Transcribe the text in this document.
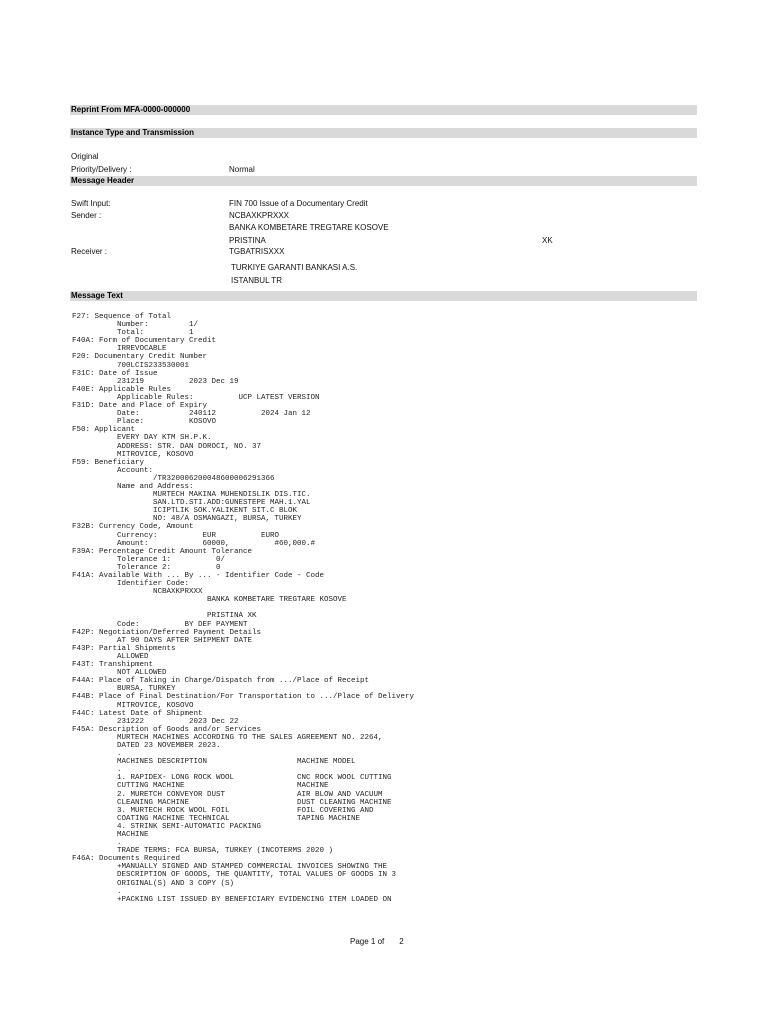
Reprint From MFA-0000-000000
Instance Type and Transmission
Message Header
Message Text
Original
Priority/Delivery :	Normal
Swift Input:	FIN 700 Issue of a Documentary Credit
Sender :	NCBAXKPRXXX
BANKA KOMBETARE TREGTARE KOSOVE
PRISTINA	XK
Receiver :	TGBATRISXXX
TURKIYE GARANTI BANKASI A.S.
ISTANBUL TR
F27: Sequence of Total
Number:         1/
Total:          1
F40A: Form of Documentary Credit
IRREVOCABLE
F20: Documentary Credit Number
700LCIS233530001
F31C: Date of Issue
231219          2023 Dec 19
F40E: Applicable Rules
Applicable Rules:          UCP LATEST VERSION
F31D: Date and Place of Expiry
Date:           240112          2024 Jan 12
Place:          KOSOVO
F50: Applicant
EVERY DAY KTM SH.P.K.
ADDRESS: STR. DAN DOROCI, NO. 37
MITROVICE, KOSOVO
F59: Beneficiary
Account:
/TR320006200048600006291366
Name and Address:
MURTECH MAKINA MUHENDISLIK DIS.TIC.
SAN.LTD.STI.ADD:GUNESTEPE MAH.1.YAL
ICIPTLIK SOK.YALIKENT SIT.C BLOK
NO: 48/A OSMANGAZI, BURSA, TURKEY
F32B: Currency Code, Amount
Currency:          EUR          EURO
Amount:            60000,          #60,000.#
F39A: Percentage Credit Amount Tolerance
Tolerance 1:          0/
Tolerance 2:          0
F41A: Available With ... By ... - Identifier Code - Code
Identifier Code:
NCBAXKPRXXX
BANKA KOMBETARE TREGTARE KOSOVE

PRISTINA XK
Code:          BY DEF PAYMENT
F42P: Negotiation/Deferred Payment Details
AT 90 DAYS AFTER SHIPMENT DATE
F43P: Partial Shipments
ALLOWED
F43T: Transhipment
NOT ALLOWED
F44A: Place of Taking in Charge/Dispatch from .../Place of Receipt
BURSA, TURKEY
F44B: Place of Final Destination/For Transportation to .../Place of Delivery
MITROVICE, KOSOVO
F44C: Latest Date of Shipment
231222          2023 Dec 22
F45A: Description of Goods and/or Services
MURTECH MACHINES ACCORDING TO THE SALES AGREEMENT NO. 2264,
DATED 23 NOVEMBER 2023.
.
MACHINES DESCRIPTION                    MACHINE MODEL
.
1. RAPIDEX- LONG ROCK WOOL              CNC ROCK WOOL CUTTING
CUTTING MACHINE                         MACHINE
2. MURETCH CONVEYOR DUST                AIR BLOW AND VACUUM
CLEANING MACHINE                        DUST CLEANING MACHINE
3. MURTECH ROCK WOOL FOIL               FOIL COVERING AND
COATING MACHINE TECHNICAL               TAPING MACHINE
4. STRINK SEMI-AUTOMATIC PACKING
MACHINE
.
TRADE TERMS: FCA BURSA, TURKEY (INCOTERMS 2020 )
F46A: Documents Required
+MANUALLY SIGNED AND STAMPED COMMERCIAL INVOICES SHOWING THE
DESCRIPTION OF GOODS, THE QUANTITY, TOTAL VALUES OF GOODS IN 3
ORIGINAL(S) AND 3 COPY (S)
.
+PACKING LIST ISSUED BY BENEFICIARY EVIDENCING ITEM LOADED ON

Page 1 of 2
